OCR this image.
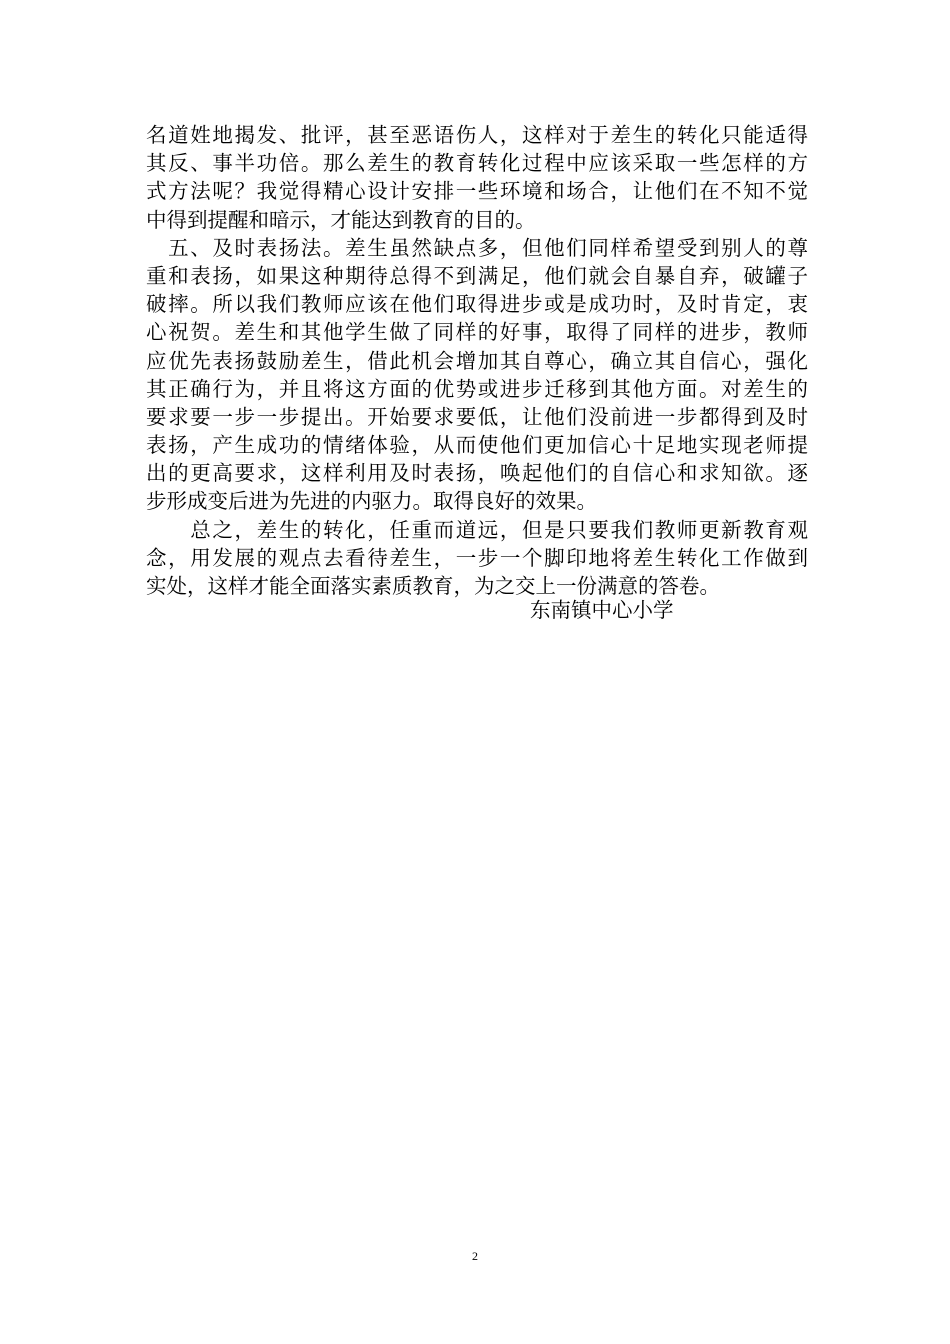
名道姓地揭发、批评，甚至恶语伤人，这样对于差生的转化只能适得
其反、事半功倍。那么差生的教育转化过程中应该采取一些怎样的方
式方法呢？我觉得精心设计安排一些环境和场合，让他们在不知不觉
中得到提醒和暗示，才能达到教育的目的。
　五、及时表扬法。差生虽然缺点多，但他们同样希望受到别人的尊
重和表扬，如果这种期待总得不到满足，他们就会自暴自弃，破罐子
破摔。所以我们教师应该在他们取得进步或是成功时，及时肯定，衷
心祝贺。差生和其他学生做了同样的好事，取得了同样的进步，教师
应优先表扬鼓励差生，借此机会增加其自尊心，确立其自信心，强化
其正确行为，并且将这方面的优势或进步迁移到其他方面。对差生的
要求要一步一步提出。开始要求要低，让他们没前进一步都得到及时
表扬，产生成功的情绪体验，从而使他们更加信心十足地实现老师提
出的更高要求，这样利用及时表扬，唤起他们的自信心和求知欲。逐
步形成变后进为先进的内驱力。取得良好的效果。
　　总之，差生的转化，任重而道远，但是只要我们教师更新教育观
念，用发展的观点去看待差生，一步一个脚印地将差生转化工作做到
实处，这样才能全面落实素质教育，为之交上一份满意的答卷。
东南镇中心小学
2
